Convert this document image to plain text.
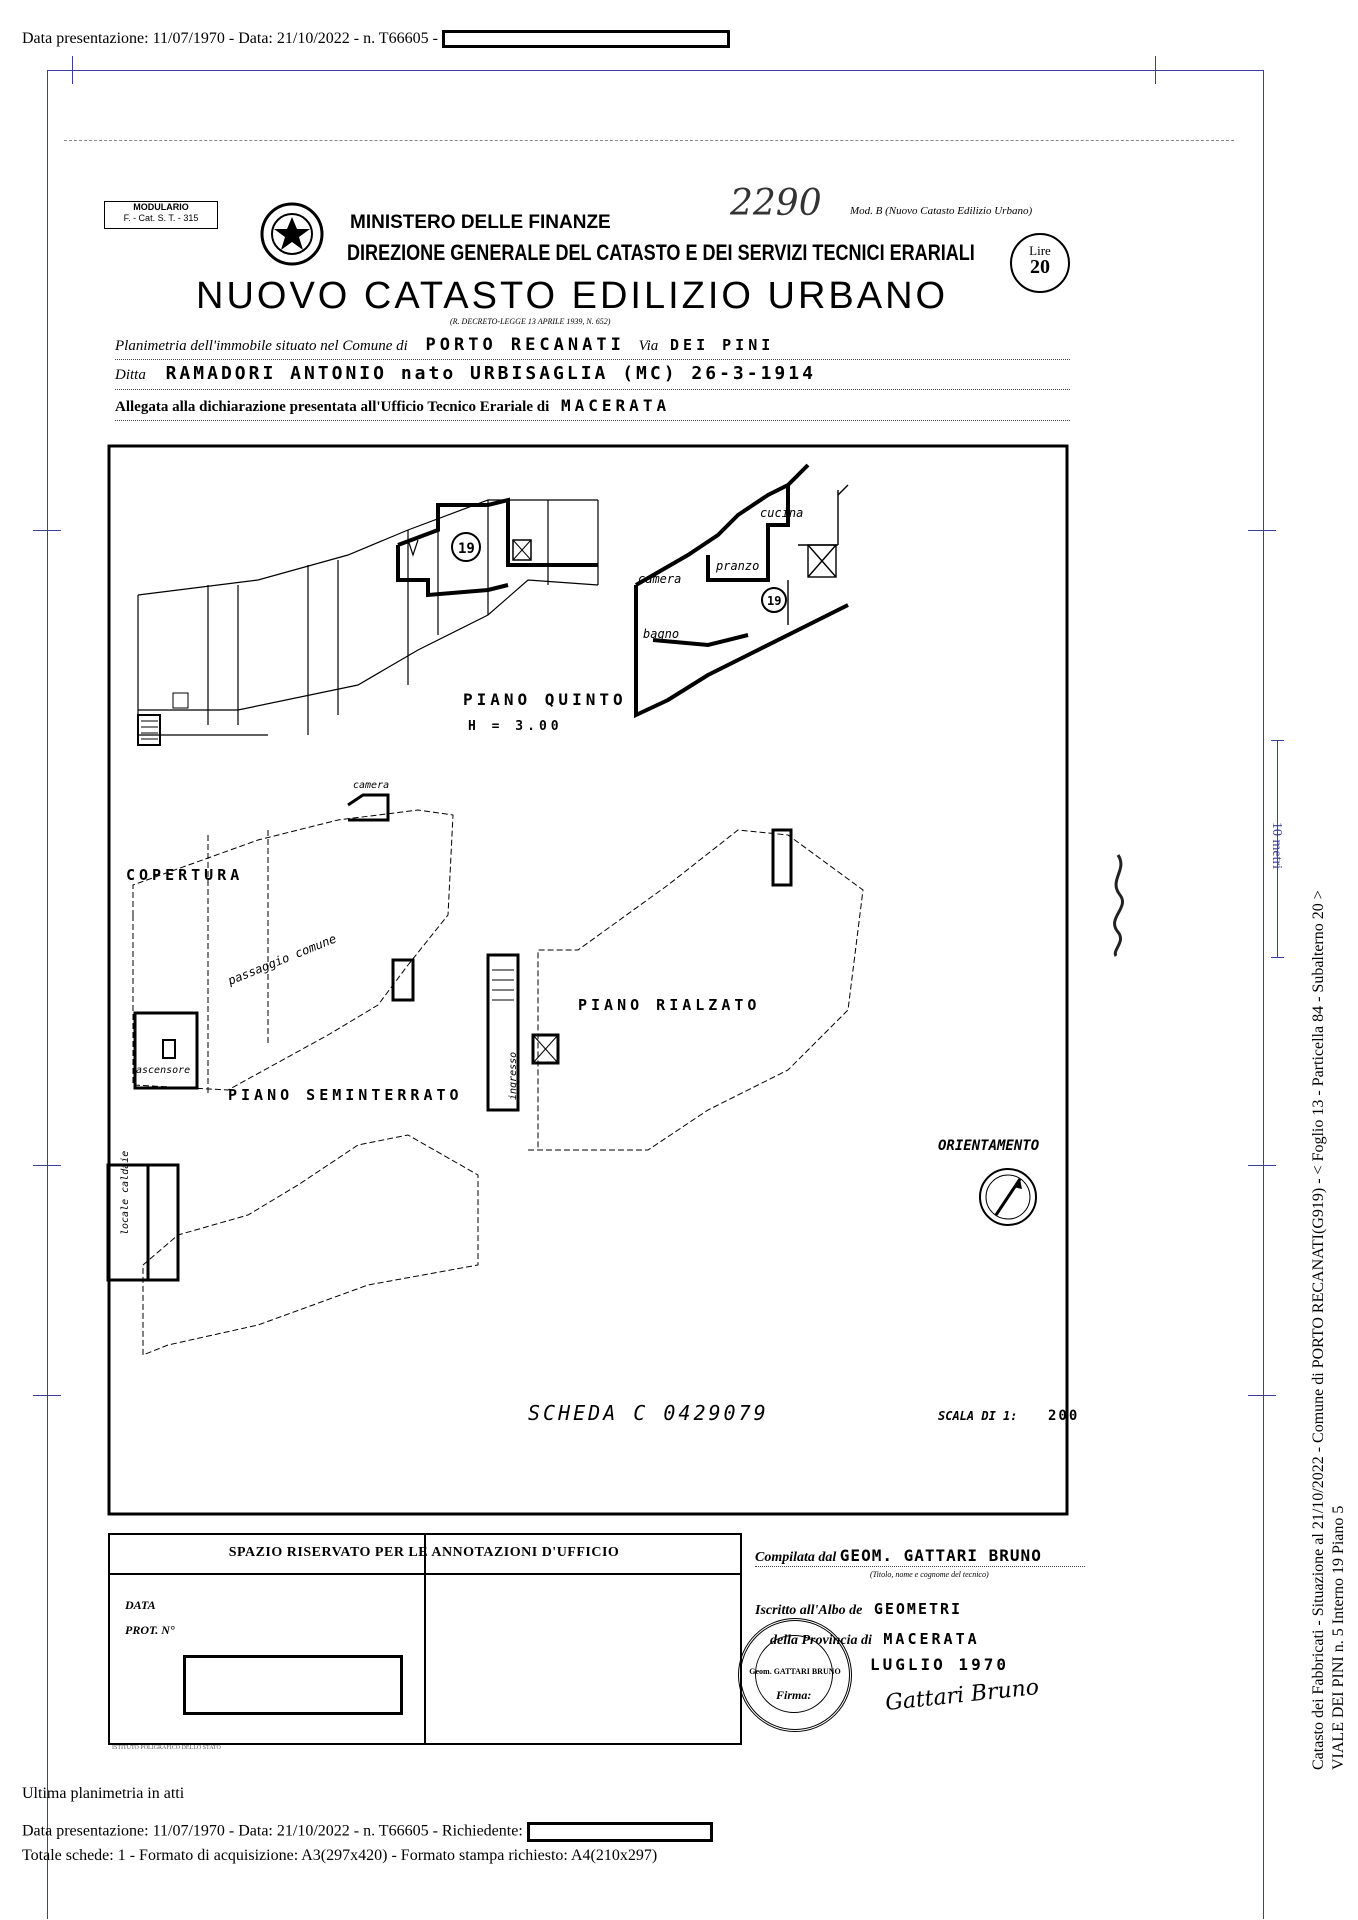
Data presentazione: 11/07/1970 - Data: 21/10/2022 - n. T66605 -
MODULARIO
F. - Cat. S. T. - 315	2290	Mod. B (Nuovo Catasto Edilizio Urbano)
MINISTERO DELLE FINANZE
DIREZIONE GENERALE DEL CATASTO E DEI SERVIZI TECNICI ERARIALI	Lire
20
NUOVO CATASTO EDILIZIO URBANO
(R. DECRETO-LEGGE 13 APRILE 1939, N. 652)
Planimetria dell'immobile situato nel Comune di PORTO RECANATI Via DEI PINI
Ditta RAMADORI ANTONIO nato URBISAGLIA (MC) 26-3-1914
Allegata alla dichiarazione presentata all'Ufficio Tecnico Erariale di MACERATA
19
19
cucina
pranzo
camera
bagno
PIANO QUINTO
H = 3.00
COPERTURA
camera
passaggio comune
ascensore	ingresso
PIANO RIALZATO
locale caldaie
PIANO SEMINTERRATO
ORIENTAMENTO
SCHEDA C 0429079	SCALA DI 1: 200
SPAZIO RISERVATO PER LE ANNOTAZIONI D'UFFICIO
DATA
PROT. N°
ISTITUTO POLIGRAFICO DELLO STATO
Compilata dal GEOM. GATTARI BRUNO
(Titolo, nome e cognome del tecnico)
Iscritto all'Albo de GEOMETRI
della Provincia di MACERATA
LUGLIO 1970
Firma:	Gattari Bruno
Geom. GATTARI BRUNO
Ultima planimetria in atti
Data presentazione: 11/07/1970 - Data: 21/10/2022 - n. T66605 - Richiedente:
Totale schede: 1 - Formato di acquisizione: A3(297x420) - Formato stampa richiesto: A4(210x297)
Catasto dei Fabbricati - Situazione al 21/10/2022 - Comune di PORTO RECANATI(G919) - < Foglio 13 - Particella 84 - Subalterno 20 > VIALE DEI PINI n. 5 Interno 19 Piano 5
10 metri
